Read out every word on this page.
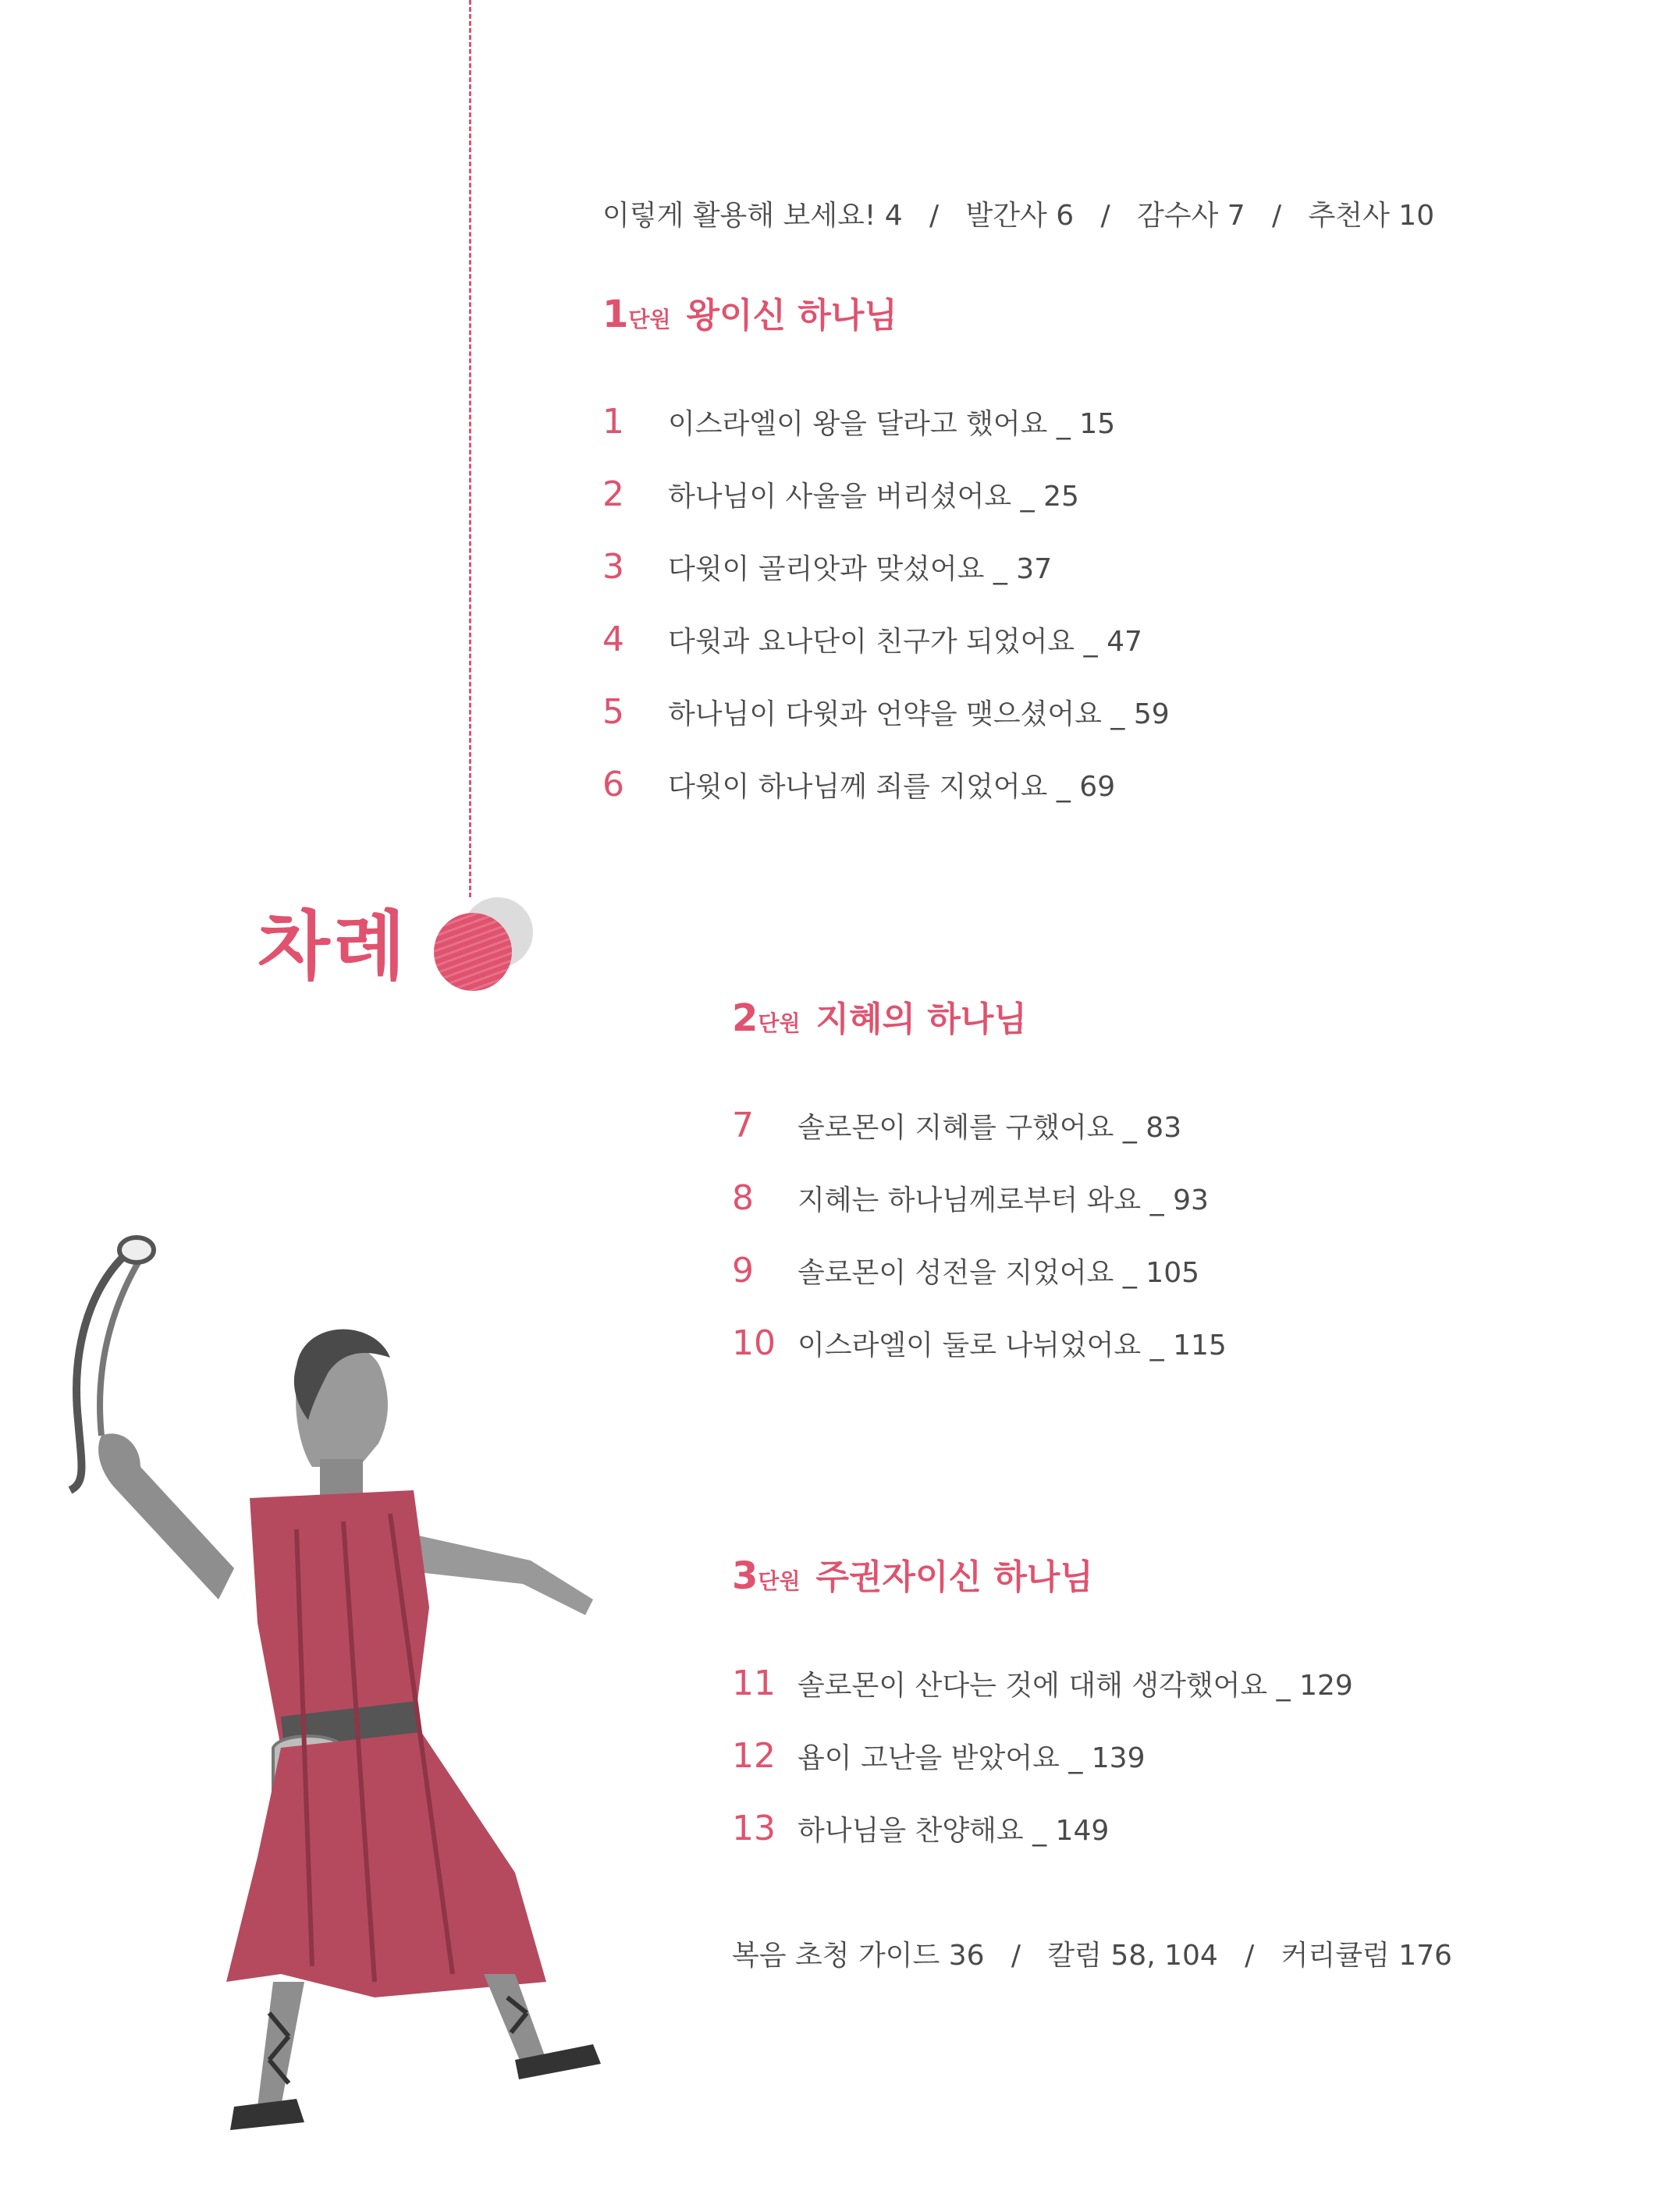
차례
이렇게 활용해 보세요! 4 / 발간사 6 / 감수사 7 / 추천사 10
1단원 왕이신 하나님
1	이스라엘이 왕을 달라고 했어요 _ 15
2	하나님이 사울을 버리셨어요 _ 25
3	다윗이 골리앗과 맞섰어요 _ 37
4	다윗과 요나단이 친구가 되었어요 _ 47
5	하나님이 다윗과 언약을 맺으셨어요 _ 59
6	다윗이 하나님께 죄를 지었어요 _ 69
2단원 지혜의 하나님
7	솔로몬이 지혜를 구했어요 _ 83
8	지혜는 하나님께로부터 와요 _ 93
9	솔로몬이 성전을 지었어요 _ 105
10 이스라엘이 둘로 나뉘었어요 _ 115
3단원 주권자이신 하나님
11 솔로몬이 산다는 것에 대해 생각했어요 _ 129
12 욥이 고난을 받았어요 _ 139
13 하나님을 찬양해요 _ 149
복음 초청 가이드 36 / 칼럼 58, 104 / 커리큘럼 176
